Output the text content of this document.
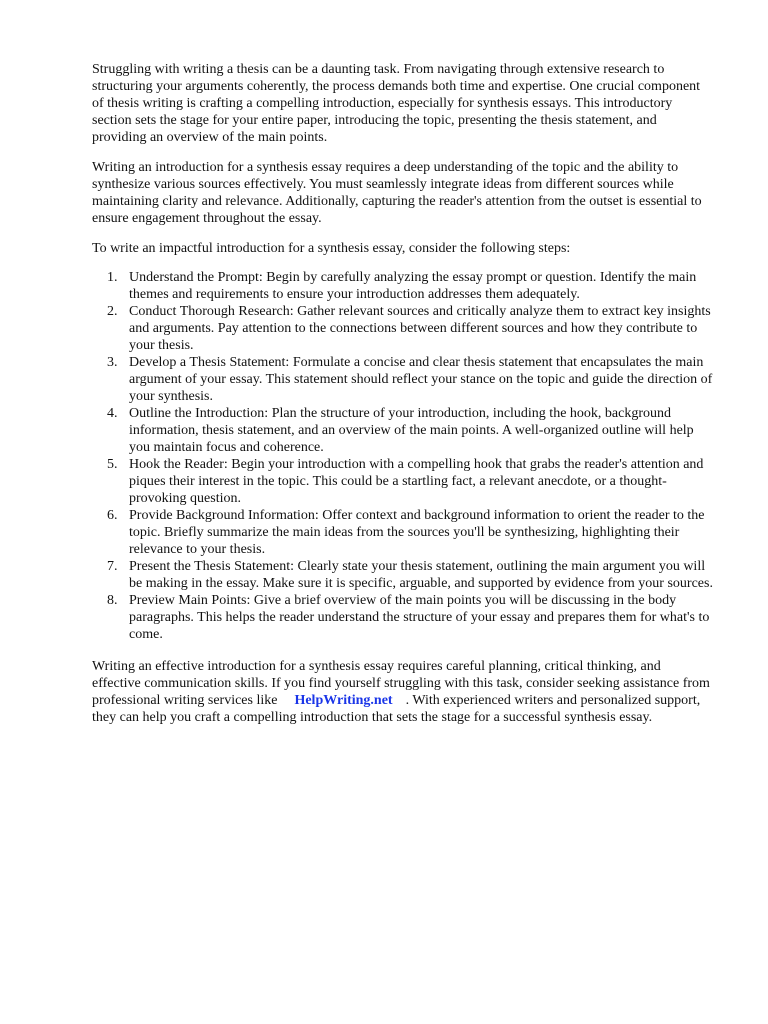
Struggling with writing a thesis can be a daunting task. From navigating through extensive research to structuring your arguments coherently, the process demands both time and expertise. One crucial component of thesis writing is crafting a compelling introduction, especially for synthesis essays. This introductory section sets the stage for your entire paper, introducing the topic, presenting the thesis statement, and providing an overview of the main points.

Writing an introduction for a synthesis essay requires a deep understanding of the topic and the ability to synthesize various sources effectively. You must seamlessly integrate ideas from different sources while maintaining clarity and relevance. Additionally, capturing the reader's attention from the outset is essential to ensure engagement throughout the essay.

To write an impactful introduction for a synthesis essay, consider the following steps:

1. Understand the Prompt: Begin by carefully analyzing the essay prompt or question. Identify the main themes and requirements to ensure your introduction addresses them adequately.
2. Conduct Thorough Research: Gather relevant sources and critically analyze them to extract key insights and arguments. Pay attention to the connections between different sources and how they contribute to your thesis.
3. Develop a Thesis Statement: Formulate a concise and clear thesis statement that encapsulates the main argument of your essay. This statement should reflect your stance on the topic and guide the direction of your synthesis.
4. Outline the Introduction: Plan the structure of your introduction, including the hook, background information, thesis statement, and an overview of the main points. A well-organized outline will help you maintain focus and coherence.
5. Hook the Reader: Begin your introduction with a compelling hook that grabs the reader's attention and piques their interest in the topic. This could be a startling fact, a relevant anecdote, or a thought-provoking question.
6. Provide Background Information: Offer context and background information to orient the reader to the topic. Briefly summarize the main ideas from the sources you'll be synthesizing, highlighting their relevance to your thesis.
7. Present the Thesis Statement: Clearly state your thesis statement, outlining the main argument you will be making in the essay. Make sure it is specific, arguable, and supported by evidence from your sources.
8. Preview Main Points: Give a brief overview of the main points you will be discussing in the body paragraphs. This helps the reader understand the structure of your essay and prepares them for what's to come.

Writing an effective introduction for a synthesis essay requires careful planning, critical thinking, and effective communication skills. If you find yourself struggling with this task, consider seeking assistance from professional writing services like HelpWriting.net . With experienced writers and personalized support, they can help you craft a compelling introduction that sets the stage for a successful synthesis essay.
